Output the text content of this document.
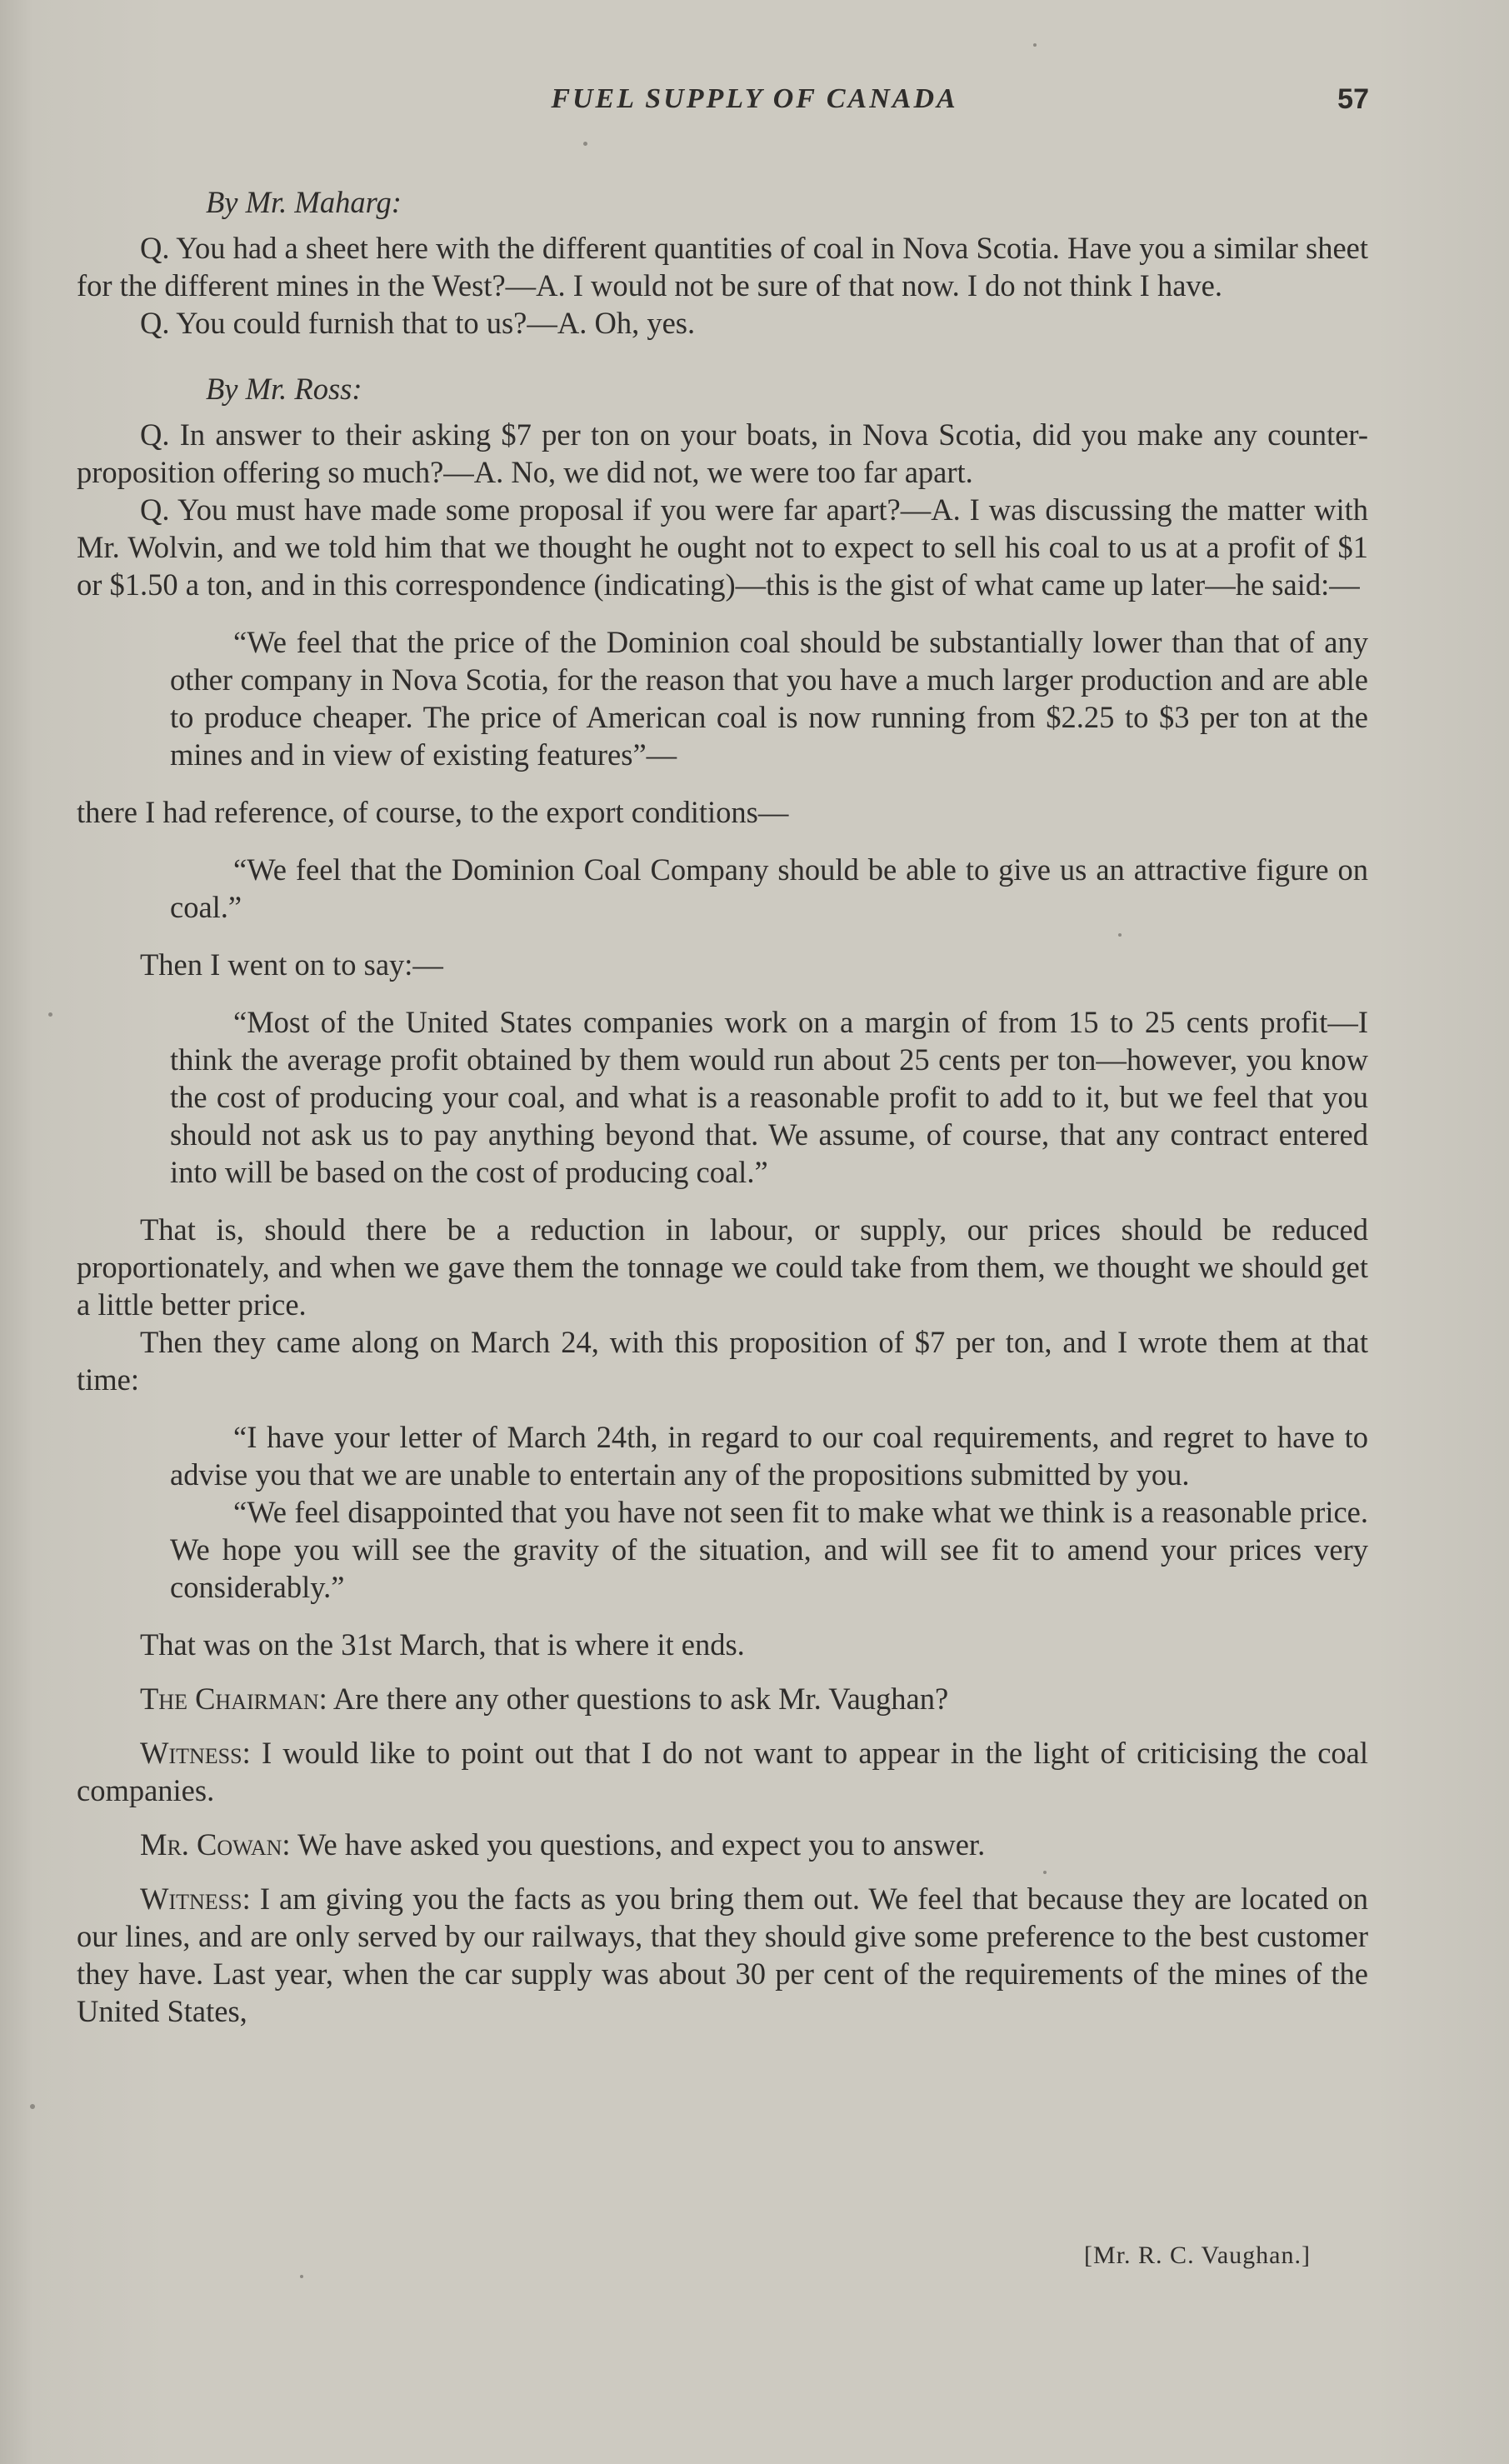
FUEL SUPPLY OF CANADA	57
By Mr. Maharg:

Q. You had a sheet here with the different quantities of coal in Nova Scotia. Have you a similar sheet for the different mines in the West?—A. I would not be sure of that now. I do not think I have.

Q. You could furnish that to us?—A. Oh, yes.

By Mr. Ross:

Q. In answer to their asking $7 per ton on your boats, in Nova Scotia, did you make any counter-proposition offering so much?—A. No, we did not, we were too far apart.

Q. You must have made some proposal if you were far apart?—A. I was discussing the matter with Mr. Wolvin, and we told him that we thought he ought not to expect to sell his coal to us at a profit of $1 or $1.50 a ton, and in this correspondence (indicating)—this is the gist of what came up later—he said:—

“We feel that the price of the Dominion coal should be substantially lower than that of any other company in Nova Scotia, for the reason that you have a much larger production and are able to produce cheaper. The price of American coal is now running from $2.25 to $3 per ton at the mines and in view of existing features”—

there I had reference, of course, to the export conditions—

“We feel that the Dominion Coal Company should be able to give us an attractive figure on coal.”

Then I went on to say:—

“Most of the United States companies work on a margin of from 15 to 25 cents profit—I think the average profit obtained by them would run about 25 cents per ton—however, you know the cost of producing your coal, and what is a reasonable profit to add to it, but we feel that you should not ask us to pay anything beyond that. We assume, of course, that any contract entered into will be based on the cost of producing coal.”

That is, should there be a reduction in labour, or supply, our prices should be reduced proportionately, and when we gave them the tonnage we could take from them, we thought we should get a little better price.

Then they came along on March 24, with this proposition of $7 per ton, and I wrote them at that time:

“I have your letter of March 24th, in regard to our coal requirements, and regret to have to advise you that we are unable to entertain any of the propositions submitted by you.

“We feel disappointed that you have not seen fit to make what we think is a reasonable price. We hope you will see the gravity of the situation, and will see fit to amend your prices very considerably.”

That was on the 31st March, that is where it ends.

The Chairman: Are there any other questions to ask Mr. Vaughan?

Witness: I would like to point out that I do not want to appear in the light of criticising the coal companies.

Mr. Cowan: We have asked you questions, and expect you to answer.

Witness: I am giving you the facts as you bring them out. We feel that because they are located on our lines, and are only served by our railways, that they should give some preference to the best customer they have. Last year, when the car supply was about 30 per cent of the requirements of the mines of the United States,

[Mr. R. C. Vaughan.]
